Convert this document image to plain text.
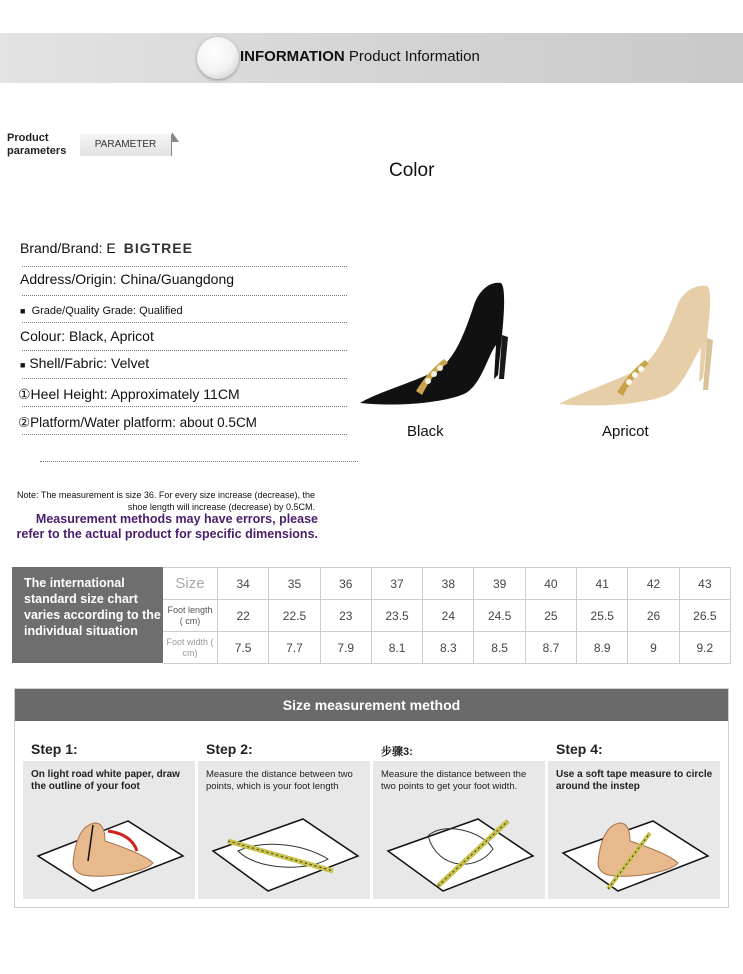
INFORMATION Product Information
Product parameters
PARAMETER
Color
Brand/Brand: E BIGTREE
Address/Origin: China/Guangdong
■ Grade/Quality Grade: Qualified
Colour: Black, Apricot
■ Shell/Fabric: Velvet
①Heel Height: Approximately 11CM
②Platform/Water platform: about 0.5CM
Black	Apricot
Note: The measurement is size 36. For every size increase (decrease), the shoe length will increase (decrease) by 0.5CM.
Measurement methods may have errors, please refer to the actual product for specific dimensions.
The international standard size chart varies according to the individual situation
Size	34	35	36	37	38	39	40	41	42	43
Foot length ( cm)	22	22.5	23	23.5	24	24.5	25	25.5	26	26.5
Foot width ( cm)	7.5	7.7	7.9	8.1	8.3	8.5	8.7	8.9	9	9.2
Size measurement method
Step 1:
On light road white paper, draw the outline of your foot
Step 2:
Measure the distance between two points, which is your foot length
步骤3:
Measure the distance between the two points to get your foot width.
Step 4:
Use a soft tape measure to circle around the instep
